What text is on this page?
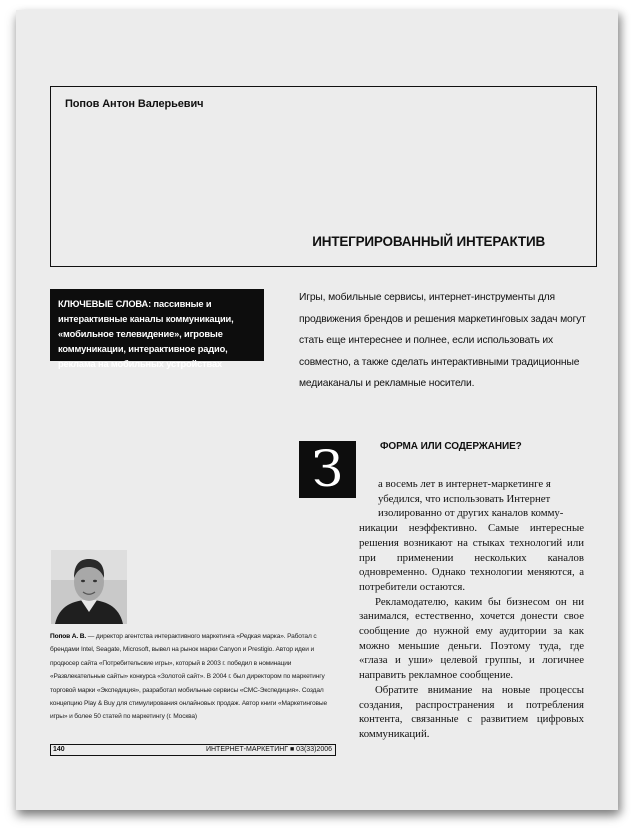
Попов Антон Валерьевич
ИНТЕГРИРОВАННЫЙ ИНТЕРАКТИВ
КЛЮЧЕВЫЕ СЛОВА: пассивные и интерактивные каналы коммуникации, «мобильное телевидение», игровые коммуникации, интерактивное радио, реклама на мобильных устройствах
Игры, мобильные сервисы, интернет-инструменты для продвижения брендов и решения маркетинговых задач могут стать еще интереснее и полнее, если использовать их совместно, а также сделать интерактивными традиционные медиаканалы и рекламные носители.
З	ФОРМА ИЛИ СОДЕРЖАНИЕ?

а восемь лет в интернет-маркетинге я
убедился, что использовать Интернет
изолированно от других каналов комму-

никации неэффективно. Самые интересные решения возникают на стыках технологий или при применении нескольких каналов одновременно. Однако технологии меняются, а потребители остаются.

Рекламодателю, каким бы бизнесом он ни занимался, естественно, хочется донести свое сообщение до нужной ему аудитории за как можно меньшие деньги. Поэтому туда, где «глаза и уши» целевой группы, и логичнее направить рекламное сообщение.

Обратите внимание на новые процессы создания, распространения и потребления контента, связанные с развитием цифровых коммуникаций.

Попов А. В. — директор агентства интерактивного маркетинга «Редкая марка». Работал с брендами Intel, Seagate, Microsoft, вывел на рынок марки Canyon и Prestigio. Автор идеи и продюсер сайта «Потребительские игры», который в 2003 г. победил в номинации «Развлекательные сайты» конкурса «Золотой сайт». В 2004 г. был директором по маркетингу торговой марки «Экспедиция», разработал мобильные сервисы «СМС-Экспедиция». Создал концепцию Play & Buy для стимулирования онлайновых продаж. Автор книги «Маркетинговые игры» и более 50 статей по маркетингу (г. Москва)
140	ИНТЕРНЕТ-МАРКЕТИНГ ■ 03(33)2006
